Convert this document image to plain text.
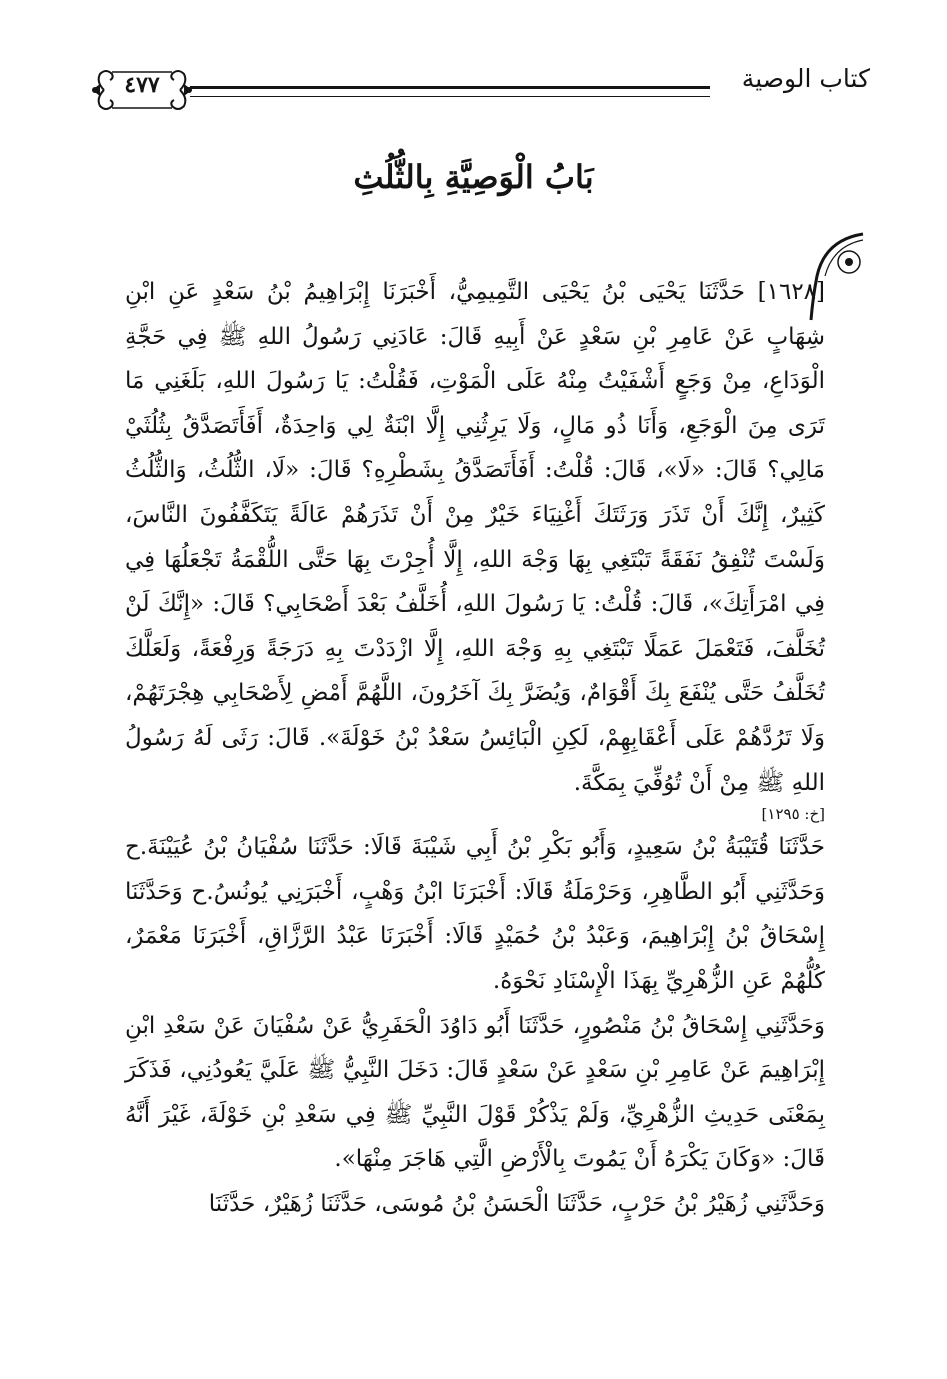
كتاب الوصية
٤٧٧
بَابُ الْوَصِيَّةِ بِالثُّلُثِ

[١٦٢٨] حَدَّثَنَا يَحْيَى بْنُ يَحْيَى التَّمِيمِيُّ، أَخْبَرَنَا إِبْرَاهِيمُ بْنُ سَعْدٍ عَنِ ابْنِ شِهَابٍ عَنْ عَامِرِ بْنِ سَعْدٍ عَنْ أَبِيهِ قَالَ: عَادَنِي رَسُولُ اللهِ ﷺ فِي حَجَّةِ الْوَدَاعِ، مِنْ وَجَعٍ أَشْفَيْتُ مِنْهُ عَلَى الْمَوْتِ، فَقُلْتُ: يَا رَسُولَ اللهِ، بَلَغَنِي مَا تَرَى مِنَ الْوَجَعِ، وَأَنَا ذُو مَالٍ، وَلَا يَرِثُنِي إِلَّا ابْنَةٌ لِي وَاحِدَةٌ، أَفَأَتَصَدَّقُ بِثُلُثَيْ مَالِي؟ قَالَ: «لَا»، قَالَ: قُلْتُ: أَفَأَتَصَدَّقُ بِشَطْرِهِ؟ قَالَ: «لَا، الثُّلُثُ، وَالثُّلُثُ كَثِيرٌ، إِنَّكَ أَنْ تَذَرَ وَرَثَتَكَ أَغْنِيَاءَ خَيْرٌ مِنْ أَنْ تَذَرَهُمْ عَالَةً يَتَكَفَّفُونَ النَّاسَ، وَلَسْتَ تُنْفِقُ نَفَقَةً تَبْتَغِي بِهَا وَجْهَ اللهِ، إِلَّا أُجِرْتَ بِهَا حَتَّى اللُّقْمَةُ تَجْعَلُهَا فِي فِي امْرَأَتِكَ»، قَالَ: قُلْتُ: يَا رَسُولَ اللهِ، أُخَلَّفُ بَعْدَ أَصْحَابِي؟ قَالَ: «إِنَّكَ لَنْ تُخَلَّفَ، فَتَعْمَلَ عَمَلًا تَبْتَغِي بِهِ وَجْهَ اللهِ، إِلَّا ازْدَدْتَ بِهِ دَرَجَةً وَرِفْعَةً، وَلَعَلَّكَ تُخَلَّفُ حَتَّى يُنْفَعَ بِكَ أَقْوَامٌ، وَيُضَرَّ بِكَ آخَرُونَ، اللَّهُمَّ أَمْضِ لِأَصْحَابِي هِجْرَتَهُمْ، وَلَا تَرُدَّهُمْ عَلَى أَعْقَابِهِمْ، لَكِنِ الْبَائِسُ سَعْدُ بْنُ خَوْلَةَ». قَالَ: رَثَى لَهُ رَسُولُ اللهِ ﷺ مِنْ أَنْ تُوُفِّيَ بِمَكَّةَ.

[خ: ١٢٩٥]

حَدَّثَنَا قُتَيْبَةُ بْنُ سَعِيدٍ، وَأَبُو بَكْرِ بْنُ أَبِي شَيْبَةَ قَالَا: حَدَّثَنَا سُفْيَانُ بْنُ عُيَيْنَةَ.ح وَحَدَّثَنِي أَبُو الطَّاهِرِ، وَحَرْمَلَةُ قَالَا: أَخْبَرَنَا ابْنُ وَهْبٍ، أَخْبَرَنِي يُونُسُ.ح وَحَدَّثَنَا إِسْحَاقُ بْنُ إِبْرَاهِيمَ، وَعَبْدُ بْنُ حُمَيْدٍ قَالَا: أَخْبَرَنَا عَبْدُ الرَّزَّاقِ، أَخْبَرَنَا مَعْمَرٌ، كُلُّهُمْ عَنِ الزُّهْرِيِّ بِهَذَا الْإِسْنَادِ نَحْوَهُ.

وَحَدَّثَنِي إِسْحَاقُ بْنُ مَنْصُورٍ، حَدَّثَنَا أَبُو دَاوُدَ الْحَفَرِيُّ عَنْ سُفْيَانَ عَنْ سَعْدِ ابْنِ إِبْرَاهِيمَ عَنْ عَامِرِ بْنِ سَعْدٍ عَنْ سَعْدٍ قَالَ: دَخَلَ النَّبِيُّ ﷺ عَلَيَّ يَعُودُنِي، فَذَكَرَ بِمَعْنَى حَدِيثِ الزُّهْرِيِّ، وَلَمْ يَذْكُرْ قَوْلَ النَّبِيِّ ﷺ فِي سَعْدِ بْنِ خَوْلَةَ، غَيْرَ أَنَّهُ قَالَ: «وَكَانَ يَكْرَهُ أَنْ يَمُوتَ بِالْأَرْضِ الَّتِي هَاجَرَ مِنْهَا».

وَحَدَّثَنِي زُهَيْرُ بْنُ حَرْبٍ، حَدَّثَنَا الْحَسَنُ بْنُ مُوسَى، حَدَّثَنَا زُهَيْرٌ، حَدَّثَنَا
